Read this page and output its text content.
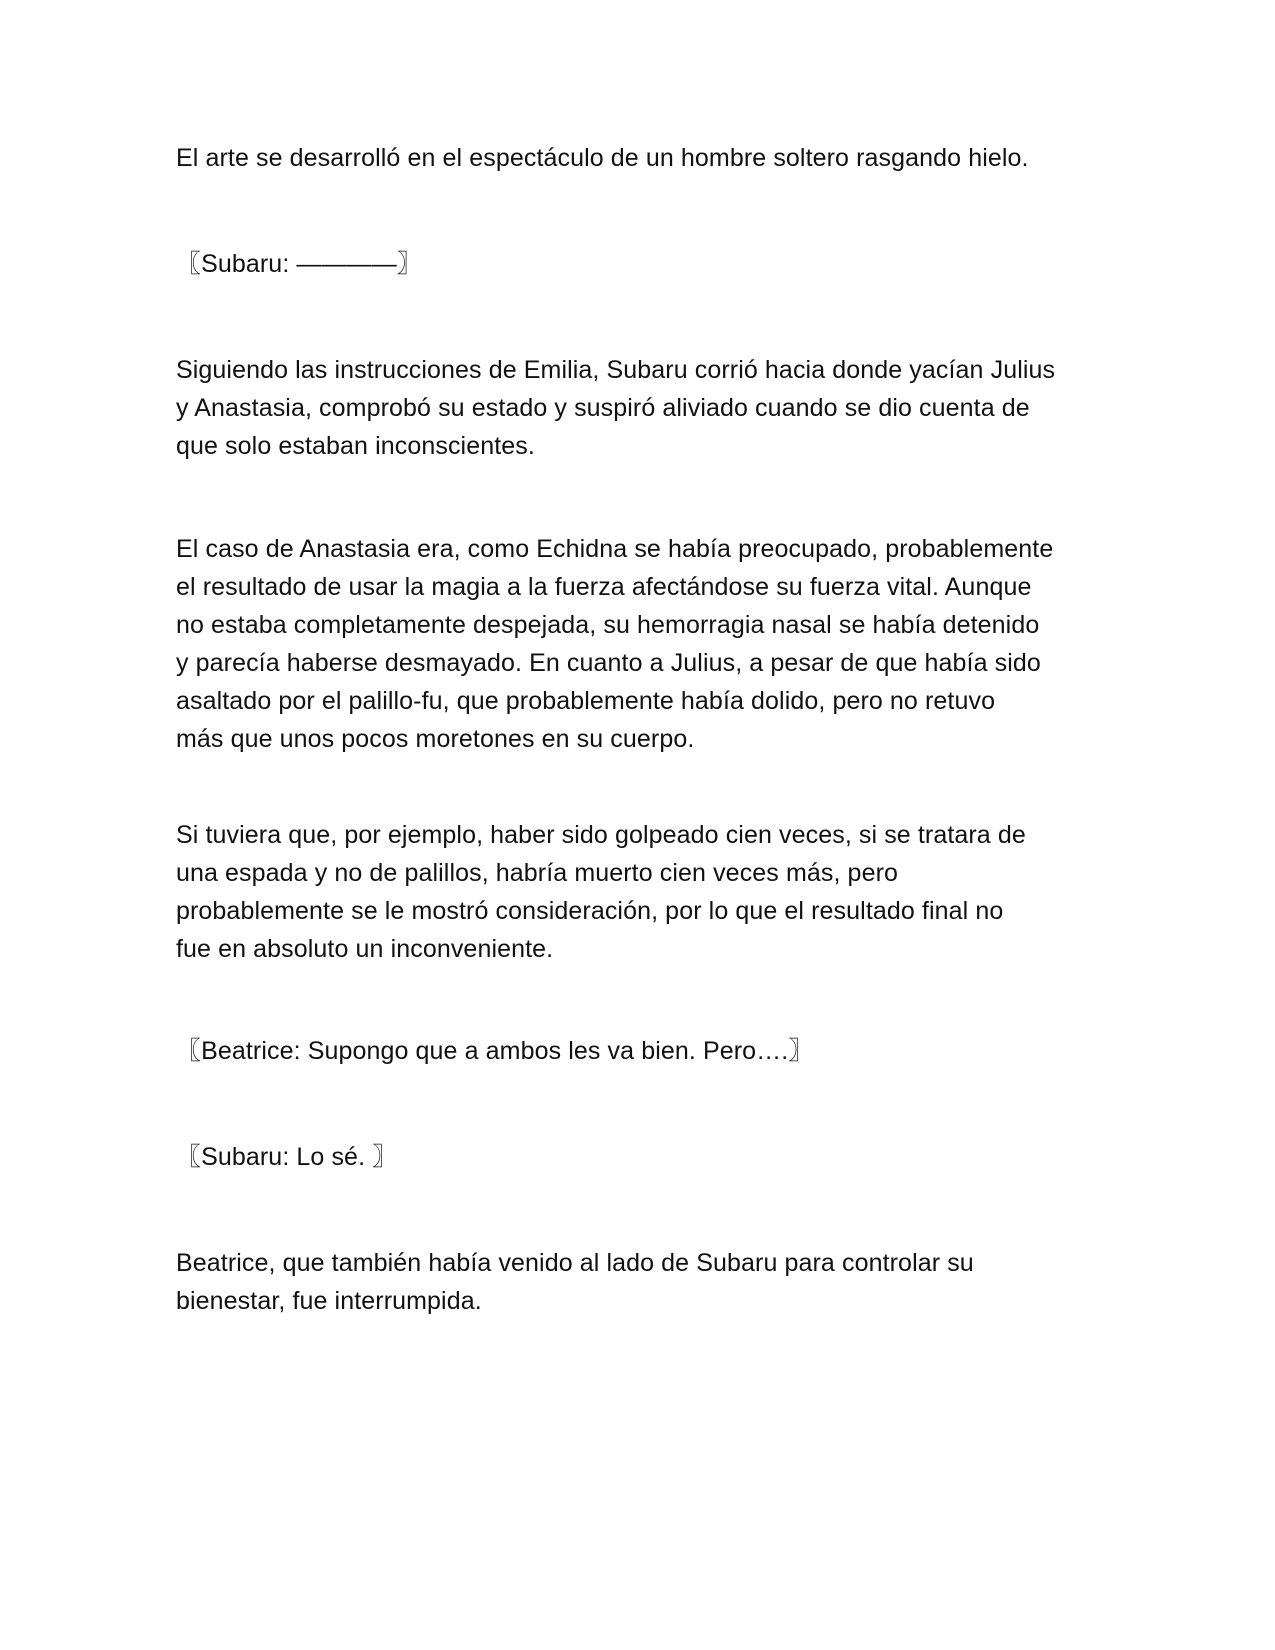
El arte se desarrolló en el espectáculo de un hombre soltero rasgando hielo.

〖Subaru: ————〗

Siguiendo las instrucciones de Emilia, Subaru corrió hacia donde yacían Julius
y Anastasia, comprobó su estado y suspiró aliviado cuando se dio cuenta de
que solo estaban inconscientes.

El caso de Anastasia era, como Echidna se había preocupado, probablemente
el resultado de usar la magia a la fuerza afectándose su fuerza vital. Aunque
no estaba completamente despejada, su hemorragia nasal se había detenido
y parecía haberse desmayado. En cuanto a Julius, a pesar de que había sido
asaltado por el palillo-fu, que probablemente había dolido, pero no retuvo
más que unos pocos moretones en su cuerpo.

Si tuviera que, por ejemplo, haber sido golpeado cien veces, si se tratara de
una espada y no de palillos, habría muerto cien veces más, pero
probablemente se le mostró consideración, por lo que el resultado final no
fue en absoluto un inconveniente.

〖Beatrice: Supongo que a ambos les va bien. Pero….〗

〖Subaru: Lo sé. 〗

Beatrice, que también había venido al lado de Subaru para controlar su
bienestar, fue interrumpida.
